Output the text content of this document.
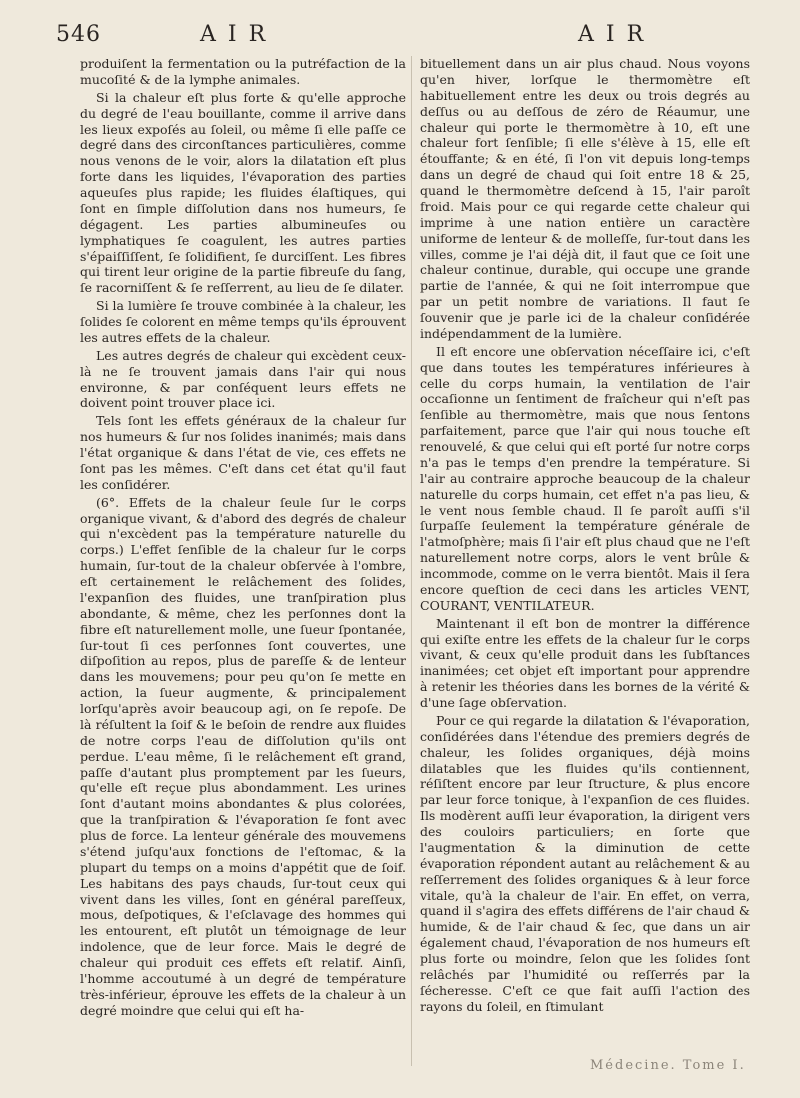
546	AIR	AIR

produiſent la fermentation ou la putréfaction de la mucoſité & de la lymphe animales.

Si la chaleur eſt plus forte & qu'elle approche du degré de l'eau bouillante, comme il arrive dans les lieux expoſés au ſoleil, ou même ſi elle paſſe ce degré dans des circonſtances particulières, comme nous venons de le voir, alors la dilatation eſt plus forte dans les liquides, l'évaporation des parties aqueuſes plus rapide; les fluides élaſtiques, qui ſont en ſimple diſſolution dans nos humeurs, ſe dégagent. Les parties albumineuſes ou lymphatiques ſe coagulent, les autres parties s'épaiſſiſſent, ſe ſolidifient, ſe durciſſent. Les fibres qui tirent leur origine de la partie fibreuſe du ſang, ſe racorniſſent & ſe reſſerrent, au lieu de ſe dilater.

Si la lumière ſe trouve combinée à la chaleur, les ſolides ſe colorent en même temps qu'ils éprouvent les autres effets de la chaleur.

Les autres degrés de chaleur qui excèdent ceux-là ne ſe trouvent jamais dans l'air qui nous environne, & par conſéquent leurs effets ne doivent point trouver place ici.

Tels ſont les effets généraux de la chaleur ſur nos humeurs & ſur nos ſolides inanimés; mais dans l'état organique & dans l'état de vie, ces effets ne ſont pas les mêmes. C'eſt dans cet état qu'il faut les conſidérer.

(6°. Effets de la chaleur ſeule ſur le corps organique vivant, & d'abord des degrés de chaleur qui n'excèdent pas la température naturelle du corps.) L'effet ſenſible de la chaleur ſur le corps humain, ſur-tout de la chaleur obſervée à l'ombre, eſt certainement le relâchement des ſolides, l'expanſion des fluides, une tranſpiration plus abondante, & même, chez les perſonnes dont la fibre eſt naturellement molle, une ſueur ſpontanée, ſur-tout ſi ces perſonnes ſont couvertes, une diſpoſition au repos, plus de pareſſe & de lenteur dans les mouvemens; pour peu qu'on ſe mette en action, la ſueur augmente, & principalement lorſqu'après avoir beaucoup agi, on ſe repoſe. De là réſultent la ſoif & le beſoin de rendre aux fluides de notre corps l'eau de diſſolution qu'ils ont perdue. L'eau même, ſi le relâchement eſt grand, paſſe d'autant plus promptement par les ſueurs, qu'elle eſt reçue plus abondamment. Les urines ſont d'autant moins abondantes & plus colorées, que la tranſpiration & l'évaporation ſe font avec plus de force. La lenteur générale des mouvemens s'étend juſqu'aux fonctions de l'eſtomac, & la plupart du temps on a moins d'appétit que de ſoif. Les habitans des pays chauds, ſur-tout ceux qui vivent dans les villes, ſont en général pareſſeux, mous, deſpotiques, & l'eſclavage des hommes qui les entourent, eſt plutôt un témoignage de leur indolence, que de leur force. Mais le degré de chaleur qui produit ces effets eſt relatif. Ainſi, l'homme accoutumé à un degré de température très-inférieur, éprouve les effets de la chaleur à un degré moindre que celui qui eſt ha-

bituellement dans un air plus chaud. Nous voyons qu'en hiver, lorſque le thermomètre eſt habituellement entre les deux ou trois degrés au deſſus ou au deſſous de zéro de Réaumur, une chaleur qui porte le thermomètre à 10, eſt une chaleur fort ſenſible; ſi elle s'élève à 15, elle eſt étouffante; & en été, ſi l'on vit depuis long-temps dans un degré de chaud qui ſoit entre 18 & 25, quand le thermomètre deſcend à 15, l'air paroît froid. Mais pour ce qui regarde cette chaleur qui imprime à une nation entière un caractère uniforme de lenteur & de molleſſe, ſur-tout dans les villes, comme je l'ai déjà dit, il faut que ce ſoit une chaleur continue, durable, qui occupe une grande partie de l'année, & qui ne ſoit interrompue que par un petit nombre de variations. Il faut ſe ſouvenir que je parle ici de la chaleur conſidérée indépendamment de la lumière.

Il eſt encore une obſervation néceſſaire ici, c'eſt que dans toutes les températures inférieures à celle du corps humain, la ventilation de l'air occaſionne un ſentiment de fraîcheur qui n'eſt pas ſenſible au thermomètre, mais que nous ſentons parfaitement, parce que l'air qui nous touche eſt renouvelé, & que celui qui eſt porté ſur notre corps n'a pas le temps d'en prendre la température. Si l'air au contraire approche beaucoup de la chaleur naturelle du corps humain, cet effet n'a pas lieu, & le vent nous ſemble chaud. Il ſe paroît auſſi s'il ſurpaſſe ſeulement la température générale de l'atmoſphère; mais ſi l'air eſt plus chaud que ne l'eſt naturellement notre corps, alors le vent brûle & incommode, comme on le verra bientôt. Mais il ſera encore queſtion de ceci dans les articles VENT, COURANT, VENTILATEUR.

Maintenant il eſt bon de montrer la différence qui exiſte entre les effets de la chaleur ſur le corps vivant, & ceux qu'elle produit dans les ſubſtances inanimées; cet objet eſt important pour apprendre à retenir les théories dans les bornes de la vérité & d'une ſage obſervation.

Pour ce qui regarde la dilatation & l'évaporation, conſidérées dans l'étendue des premiers degrés de chaleur, les ſolides organiques, déjà moins dilatables que les fluides qu'ils contiennent, réſiſtent encore par leur ſtructure, & plus encore par leur force tonique, à l'expanſion de ces fluides. Ils modèrent auſſi leur évaporation, la dirigent vers des couloirs particuliers; en ſorte que l'augmentation & la diminution de cette évaporation répondent autant au relâchement & au reſſerrement des ſolides organiques & à leur force vitale, qu'à la chaleur de l'air. En effet, on verra, quand il s'agira des effets différens de l'air chaud & humide, & de l'air chaud & ſec, que dans un air également chaud, l'évaporation de nos humeurs eſt plus forte ou moindre, ſelon que les ſolides ſont relâchés par l'humidité ou reſſerrés par la ſécheresse. C'eſt ce que fait auſſi l'action des rayons du ſoleil, en ſtimulant

Médecine. Tome I.
